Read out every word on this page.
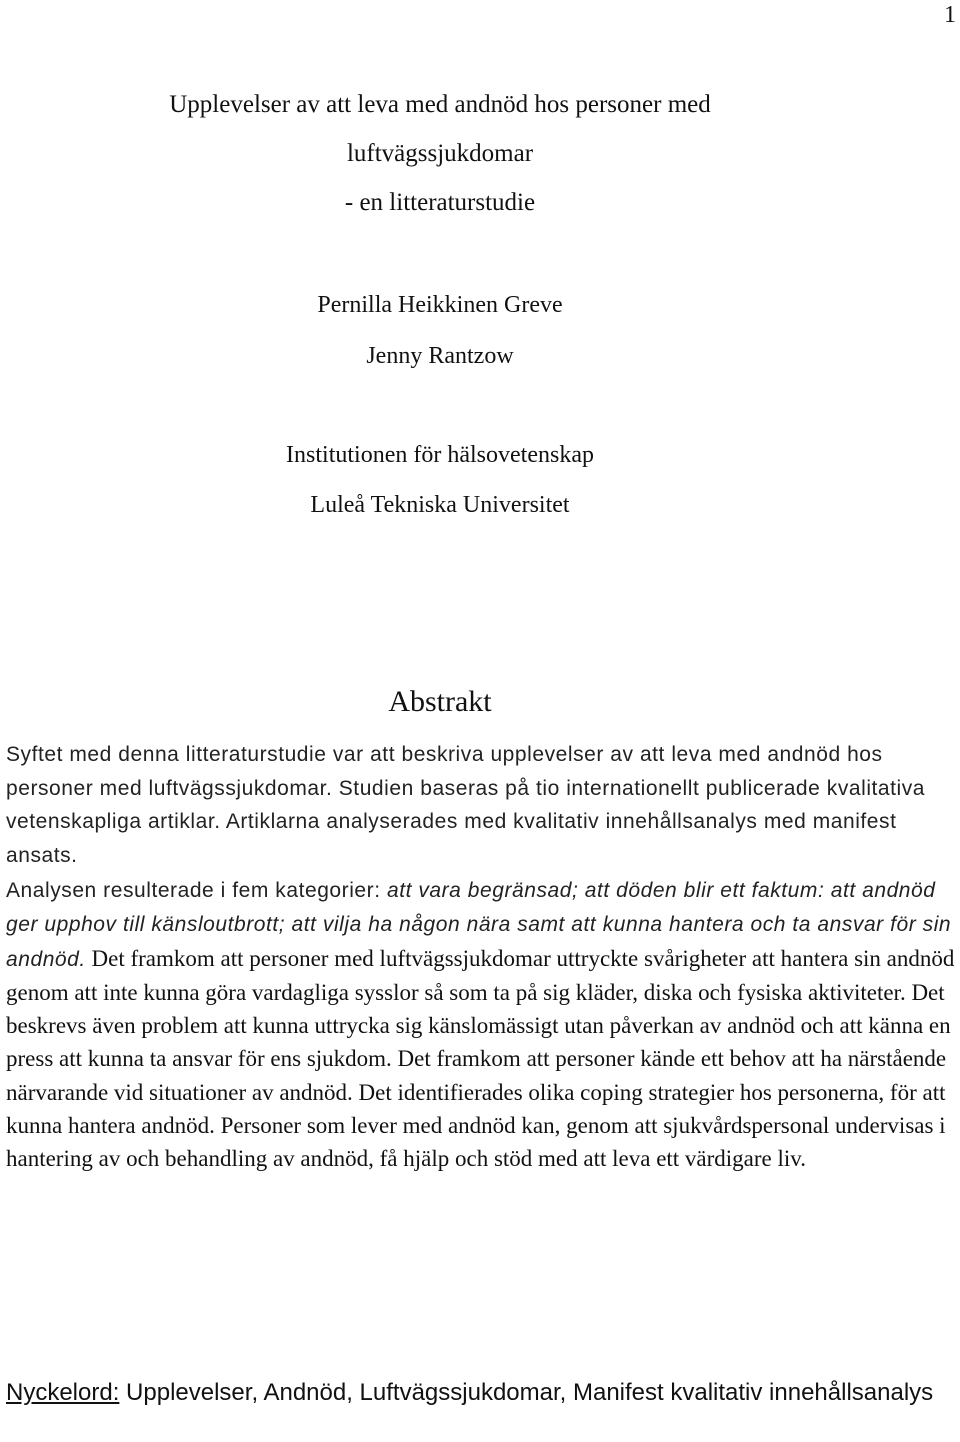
1
Upplevelser av att leva med andnöd hos personer med
luftvägssjukdomar
- en litteraturstudie
Pernilla Heikkinen Greve
Jenny Rantzow
Institutionen för hälsovetenskap
Luleå Tekniska Universitet
Abstrakt
Syftet med denna litteraturstudie var att beskriva upplevelser av att leva med andnöd hos personer med luftvägssjukdomar. Studien baseras på tio internationellt publicerade kvalitativa vetenskapliga artiklar. Artiklarna analyserades med kvalitativ innehållsanalys med manifest ansats.

Analysen resulterade i fem kategorier: att vara begränsad; att döden blir ett faktum: att andnöd ger upphov till känsloutbrott; att vilja ha någon nära samt att kunna hantera och ta ansvar för sin andnöd. Det framkom att personer med luftvägssjukdomar uttryckte svårigheter att hantera sin andnöd genom att inte kunna göra vardagliga sysslor så som ta på sig kläder, diska och fysiska aktiviteter. Det beskrevs även problem att kunna uttrycka sig känslomässigt utan påverkan av andnöd och att känna en press att kunna ta ansvar för ens sjukdom. Det framkom att personer kände ett behov att ha närstående närvarande vid situationer av andnöd. Det identifierades olika coping strategier hos personerna, för att kunna hantera andnöd. Personer som lever med andnöd kan, genom att sjukvårdspersonal undervisas i hantering av och behandling av andnöd, få hjälp och stöd med att leva ett värdigare liv.

Nyckelord: Upplevelser, Andnöd, Luftvägssjukdomar, Manifest kvalitativ innehållsanalys
